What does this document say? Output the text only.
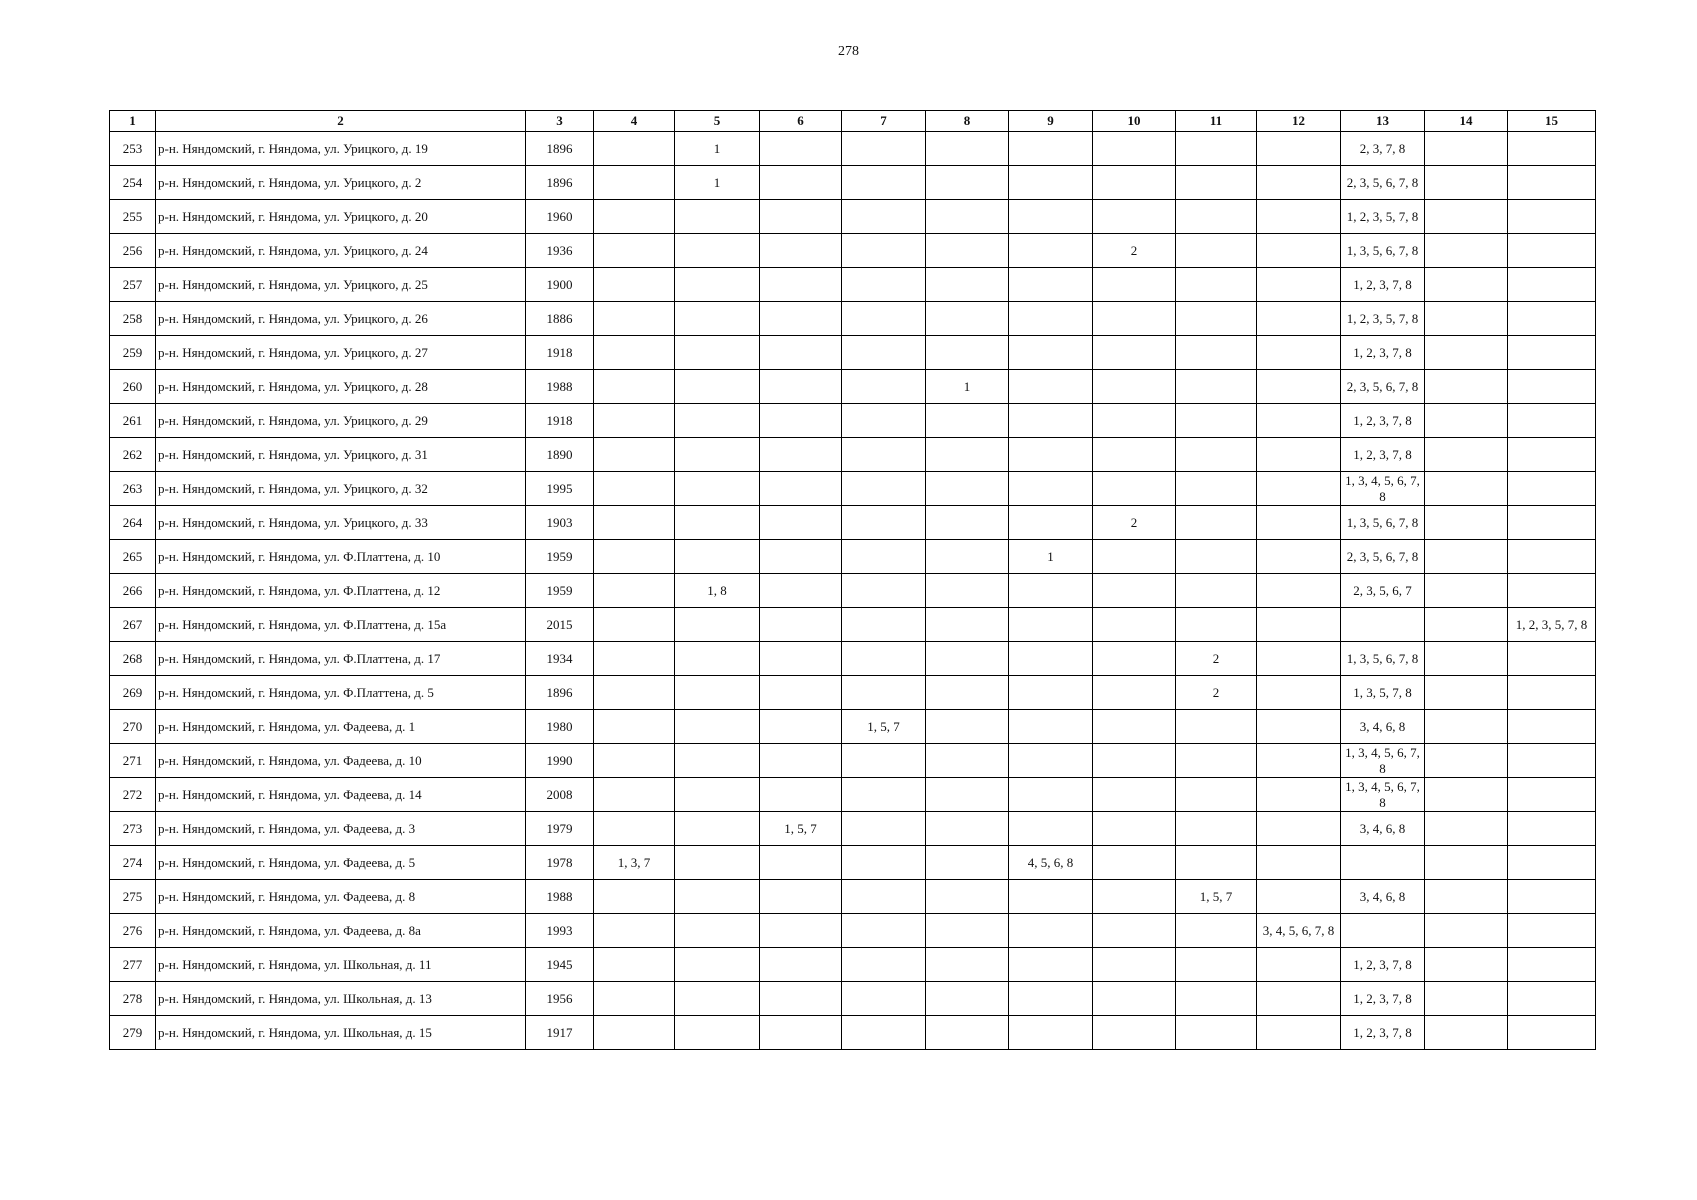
278
1	2	3	4	5	6	7	8	9	10	11	12	13	14	15
253	р-н. Няндомский, г. Няндома, ул. Урицкого, д. 19	1896		1								2, 3, 7, 8		
254	р-н. Няндомский, г. Няндома, ул. Урицкого, д. 2	1896		1								2, 3, 5, 6, 7, 8		
255	р-н. Няндомский, г. Няндома, ул. Урицкого, д. 20	1960										1, 2, 3, 5, 7, 8		
256	р-н. Няндомский, г. Няндома, ул. Урицкого, д. 24	1936							2			1, 3, 5, 6, 7, 8		
257	р-н. Няндомский, г. Няндома, ул. Урицкого, д. 25	1900										1, 2, 3, 7, 8		
258	р-н. Няндомский, г. Няндома, ул. Урицкого, д. 26	1886										1, 2, 3, 5, 7, 8		
259	р-н. Няндомский, г. Няндома, ул. Урицкого, д. 27	1918										1, 2, 3, 7, 8		
260	р-н. Няндомский, г. Няндома, ул. Урицкого, д. 28	1988					1					2, 3, 5, 6, 7, 8		
261	р-н. Няндомский, г. Няндома, ул. Урицкого, д. 29	1918										1, 2, 3, 7, 8		
262	р-н. Няндомский, г. Няндома, ул. Урицкого, д. 31	1890										1, 2, 3, 7, 8		
263	р-н. Няндомский, г. Няндома, ул. Урицкого, д. 32	1995										1, 3, 4, 5, 6, 7, 8		
264	р-н. Няндомский, г. Няндома, ул. Урицкого, д. 33	1903							2			1, 3, 5, 6, 7, 8		
265	р-н. Няндомский, г. Няндома, ул. Ф.Платтена, д. 10	1959						1				2, 3, 5, 6, 7, 8		
266	р-н. Няндомский, г. Няндома, ул. Ф.Платтена, д. 12	1959		1, 8								2, 3, 5, 6, 7		
267	р-н. Няндомский, г. Няндома, ул. Ф.Платтена, д. 15а	2015												1, 2, 3, 5, 7, 8
268	р-н. Няндомский, г. Няндома, ул. Ф.Платтена, д. 17	1934								2		1, 3, 5, 6, 7, 8		
269	р-н. Няндомский, г. Няндома, ул. Ф.Платтена, д. 5	1896								2		1, 3, 5, 7, 8		
270	р-н. Няндомский, г. Няндома, ул. Фадеева, д. 1	1980				1, 5, 7						3, 4, 6, 8		
271	р-н. Няндомский, г. Няндома, ул. Фадеева, д. 10	1990										1, 3, 4, 5, 6, 7, 8		
272	р-н. Няндомский, г. Няндома, ул. Фадеева, д. 14	2008										1, 3, 4, 5, 6, 7, 8		
273	р-н. Няндомский, г. Няндома, ул. Фадеева, д. 3	1979			1, 5, 7							3, 4, 6, 8		
274	р-н. Няндомский, г. Няндома, ул. Фадеева, д. 5	1978	1, 3, 7					4, 5, 6, 8						
275	р-н. Няндомский, г. Няндома, ул. Фадеева, д. 8	1988								1, 5, 7		3, 4, 6, 8		
276	р-н. Няндомский, г. Няндома, ул. Фадеева, д. 8а	1993									3, 4, 5, 6, 7, 8			
277	р-н. Няндомский, г. Няндома, ул. Школьная, д. 11	1945										1, 2, 3, 7, 8		
278	р-н. Няндомский, г. Няндома, ул. Школьная, д. 13	1956										1, 2, 3, 7, 8		
279	р-н. Няндомский, г. Няндома, ул. Школьная, д. 15	1917										1, 2, 3, 7, 8		
